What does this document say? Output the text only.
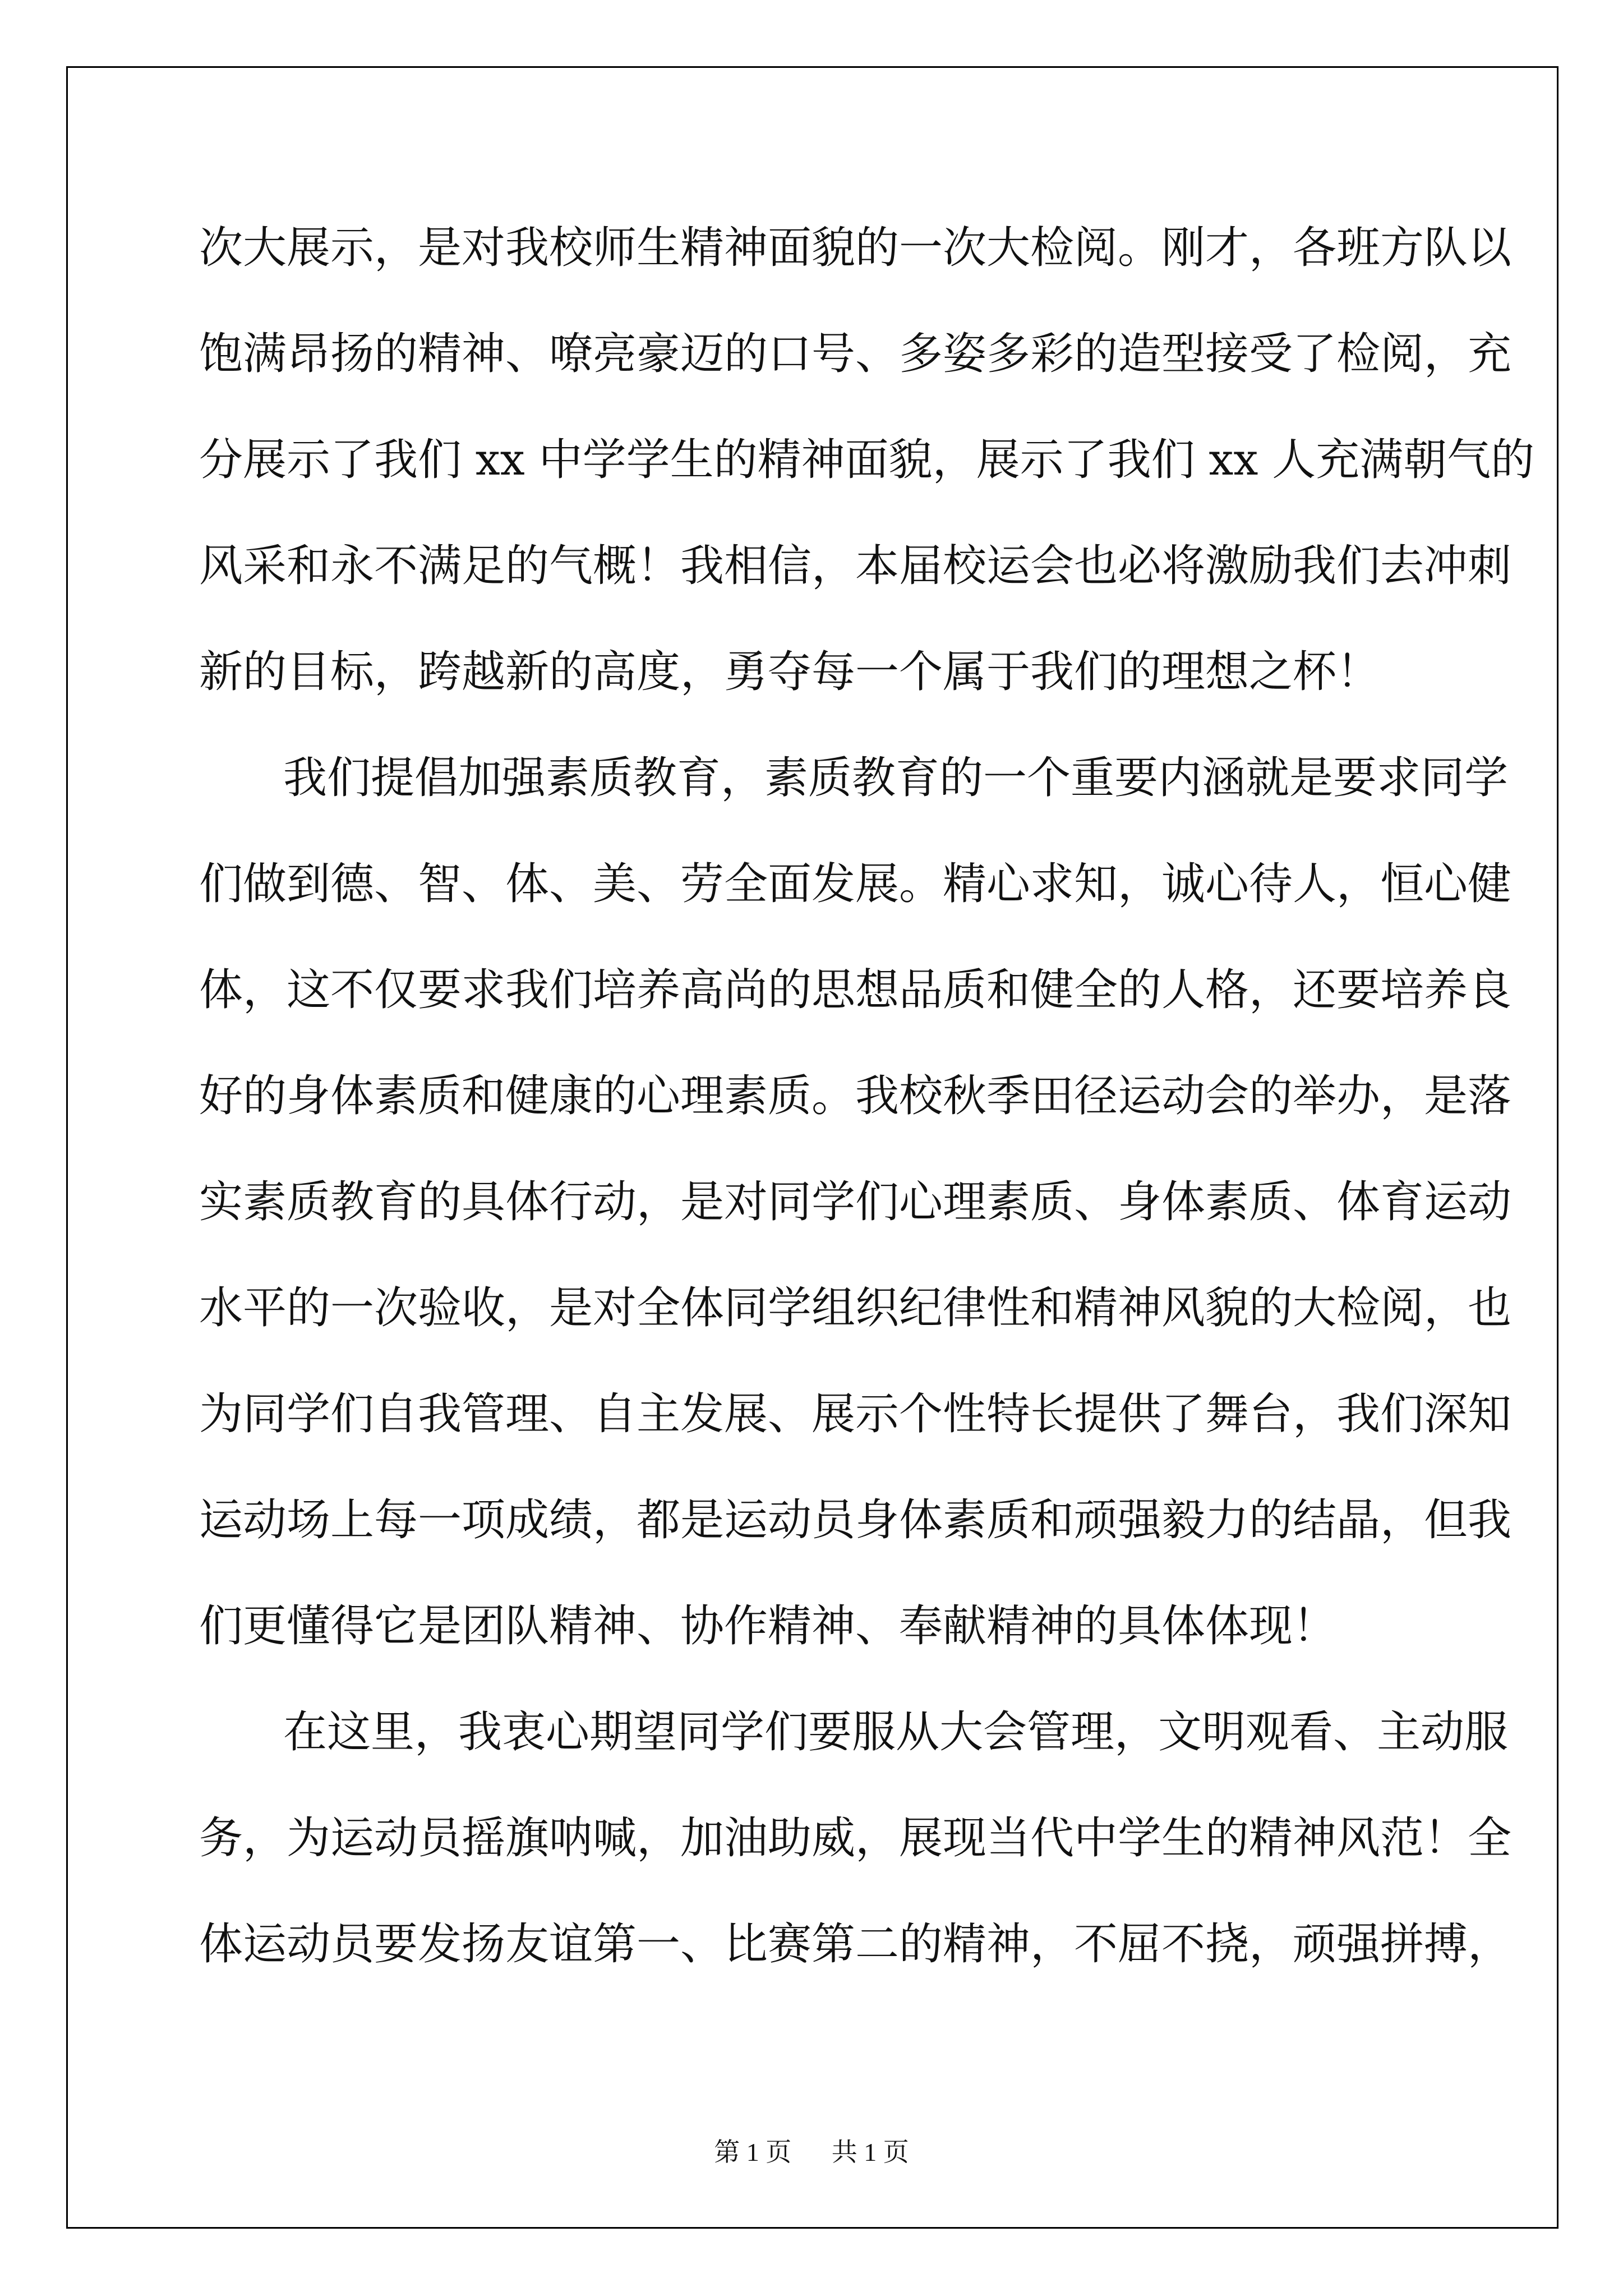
次大展示，是对我校师生精神面貌的一次大检阅。刚才，各班方队以
饱满昂扬的精神、嘹亮豪迈的口号、多姿多彩的造型接受了检阅，充
分展示了我们 xx 中学学生的精神面貌，展示了我们 xx 人充满朝气的
风采和永不满足的气概！我相信，本届校运会也必将激励我们去冲刺
新的目标，跨越新的高度，勇夺每一个属于我们的理想之杯！
我们提倡加强素质教育，素质教育的一个重要内涵就是要求同学
们做到德、智、体、美、劳全面发展。精心求知，诚心待人，恒心健
体，这不仅要求我们培养高尚的思想品质和健全的人格，还要培养良
好的身体素质和健康的心理素质。我校秋季田径运动会的举办，是落
实素质教育的具体行动，是对同学们心理素质、身体素质、体育运动
水平的一次验收，是对全体同学组织纪律性和精神风貌的大检阅，也
为同学们自我管理、自主发展、展示个性特长提供了舞台，我们深知
运动场上每一项成绩，都是运动员身体素质和顽强毅力的结晶，但我
们更懂得它是团队精神、协作精神、奉献精神的具体体现！
在这里，我衷心期望同学们要服从大会管理，文明观看、主动服
务，为运动员摇旗呐喊，加油助威，展现当代中学生的精神风范！全
体运动员要发扬友谊第一、比赛第二的精神，不屈不挠，顽强拼搏，
第 1 页 共 1 页
